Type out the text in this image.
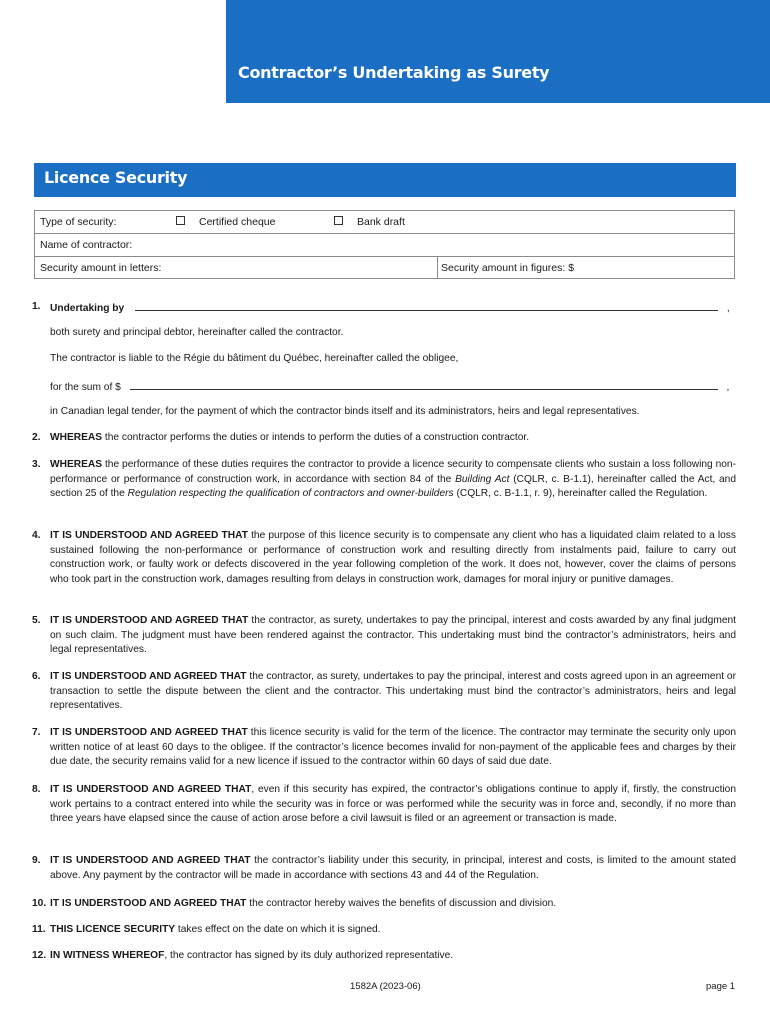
Contractor’s Undertaking as Surety
Licence Security
Type of security:	Certified cheque	Bank draft
Name of contractor:
Security amount in letters:	Security amount in figures: $
1. Undertaking by	,
both surety and principal debtor, hereinafter called the contractor.
The contractor is liable to the Régie du bâtiment du Québec, hereinafter called the obligee,
for the sum of $	,
in Canadian legal tender, for the payment of which the contractor binds itself and its administrators, heirs and legal representatives.
2. WHEREAS the contractor performs the duties or intends to perform the duties of a construction contractor.
3. WHEREAS the performance of these duties requires the contractor to provide a licence security to compensate clients who sustain a loss following non-performance or performance of construction work, in accordance with section 84 of the Building Act (CQLR, c. B-1.1), hereinafter called the Act, and section 25 of the Regulation respecting the qualification of contractors and owner-builders (CQLR, c. B-1.1, r. 9), hereinafter called the Regulation.
4. IT IS UNDERSTOOD AND AGREED THAT the purpose of this licence security is to compensate any client who has a liquidated claim related to a loss sustained following the non-performance or performance of construction work and resulting directly from instalments paid, failure to carry out construction work, or faulty work or defects discovered in the year following completion of the work. It does not, however, cover the claims of persons who took part in the construction work, damages resulting from delays in construction work, damages for moral injury or punitive damages.
5. IT IS UNDERSTOOD AND AGREED THAT the contractor, as surety, undertakes to pay the principal, interest and costs awarded by any final judgment on such claim. The judgment must have been rendered against the contractor. This undertaking must bind the contractor’s administrators, heirs and legal representatives.
6. IT IS UNDERSTOOD AND AGREED THAT the contractor, as surety, undertakes to pay the principal, interest and costs agreed upon in an agreement or transaction to settle the dispute between the client and the contractor. This undertaking must bind the contractor’s administrators, heirs and legal representatives.
7. IT IS UNDERSTOOD AND AGREED THAT this licence security is valid for the term of the licence. The contractor may terminate the security only upon written notice of at least 60 days to the obligee. If the contractor’s licence becomes invalid for non-payment of the applicable fees and charges by their due date, the security remains valid for a new licence if issued to the contractor within 60 days of said due date.
8. IT IS UNDERSTOOD AND AGREED THAT, even if this security has expired, the contractor’s obligations continue to apply if, firstly, the construction work pertains to a contract entered into while the security was in force or was performed while the security was in force and, secondly, if no more than three years have elapsed since the cause of action arose before a civil lawsuit is filed or an agreement or transaction is made.
9. IT IS UNDERSTOOD AND AGREED THAT the contractor’s liability under this security, in principal, interest and costs, is limited to the amount stated above. Any payment by the contractor will be made in accordance with sections 43 and 44 of the Regulation.
10. IT IS UNDERSTOOD AND AGREED THAT the contractor hereby waives the benefits of discussion and division.
11. THIS LICENCE SECURITY takes effect on the date on which it is signed.
12. IN WITNESS WHEREOF, the contractor has signed by its duly authorized representative.
1582A (2023-06)	page 1
